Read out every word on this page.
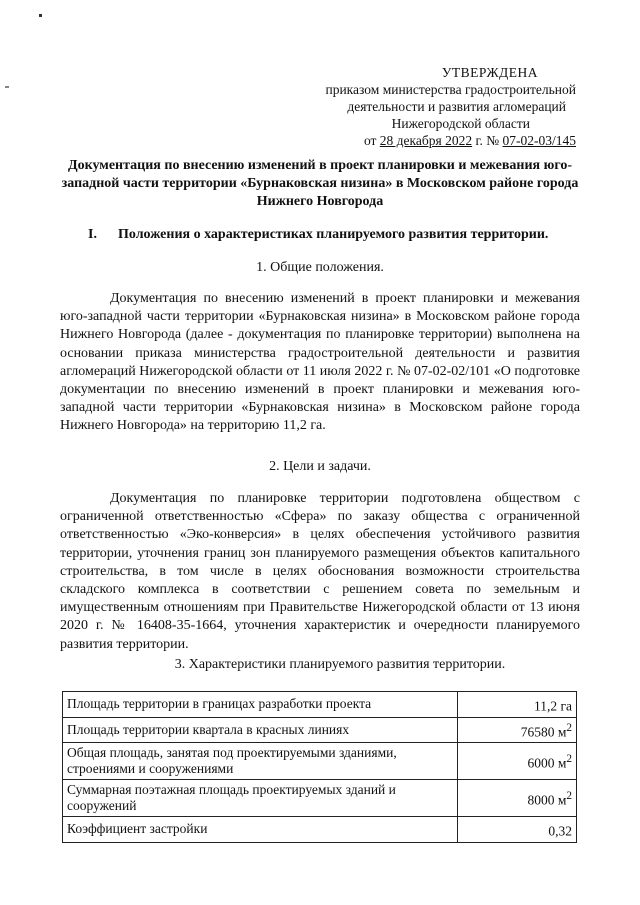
УТВЕРЖДЕНА
приказом министерства градостроительной
деятельности и развития агломераций
Нижегородской области
от 28 декабря 2022 г. № 07-02-03/145
Документация по внесению изменений в проект планировки и межевания юго-западной части территории «Бурнаковская низина» в Московском районе города Нижнего Новгорода
I. Положения о характеристиках планируемого развития территории.
1. Общие положения.
Документация по внесению изменений в проект планировки и межевания юго-западной части территории «Бурнаковская низина» в Московском районе города Нижнего Новгорода (далее - документация по планировке территории) выполнена на основании приказа министерства градостроительной деятельности и развития агломераций Нижегородской области от 11 июля 2022 г. № 07-02-02/101 «О подготовке документации по внесению изменений в проект планировки и межевания юго-западной части территории «Бурнаковская низина» в Московском районе города Нижнего Новгорода» на территорию 11,2 га.
2. Цели и задачи.
Документация по планировке территории подготовлена обществом с ограниченной ответственностью «Сфера» по заказу общества с ограниченной ответственностью «Эко-конверсия» в целях обеспечения устойчивого развития территории, уточнения границ зон планируемого размещения объектов капитального строительства, в том числе в целях обоснования возможности строительства складского комплекса в соответствии с решением совета по земельным и имущественным отношениям при Правительстве Нижегородской области от 13 июня 2020 г. № 16408-35-1664, уточнения характеристик и очередности планируемого развития территории.
3. Характеристики планируемого развития территории.
Площадь территории в границах разработки проекта	11,2 га
Площадь территории квартала в красных линиях	76580 $м^2$
Общая площадь, занятая под проектируемыми зданиями, строениями и сооружениями	6000 $м^2$
Суммарная поэтажная площадь проектируемых зданий и сооружений	8000 $м^2$
Коэффициент застройки	0,32
